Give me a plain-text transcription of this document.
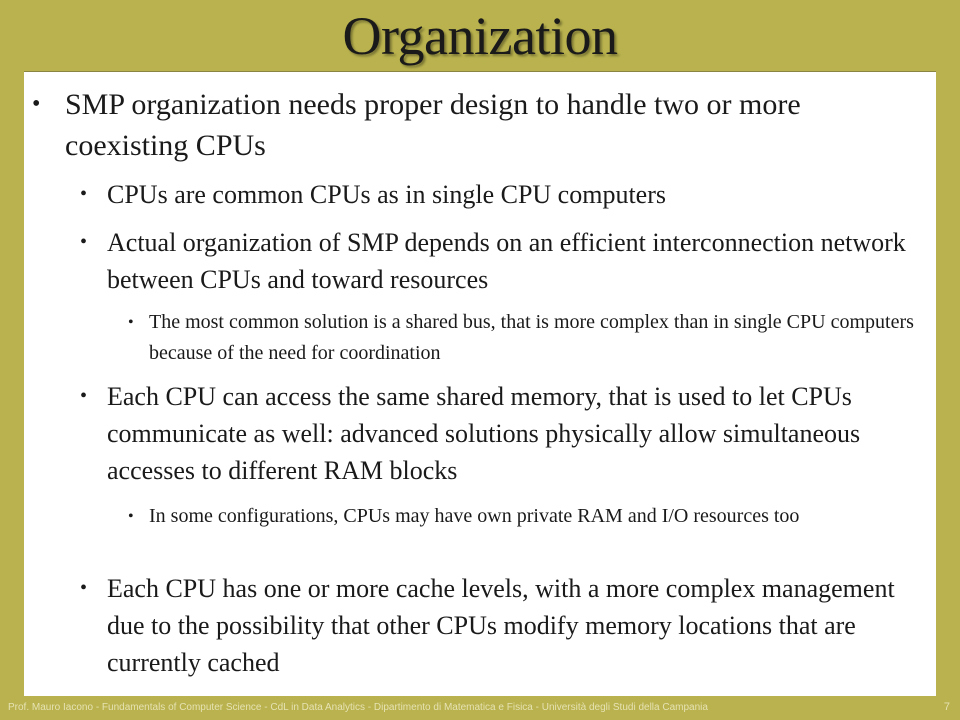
Organization
• SMP organization needs proper design to handle two or more coexisting CPUs
• CPUs are common CPUs as in single CPU computers
• Actual organization of SMP depends on an efficient interconnection network between CPUs and toward resources
• The most common solution is a shared bus, that is more complex than in single CPU computers because of the need for coordination
• Each CPU can access the same shared memory, that is used to let CPUs communicate as well: advanced solutions physically allow simultaneous accesses to different RAM blocks
• In some configurations, CPUs may have own private RAM and I/O resources too
• Each CPU has one or more cache levels, with a more complex management due to the possibility that other CPUs modify memory locations that are currently cached
Prof. Mauro Iacono - Fundamentals of Computer Science - CdL in Data Analytics - Dipartimento di Matematica e Fisica - Università degli Studi della Campania	7
